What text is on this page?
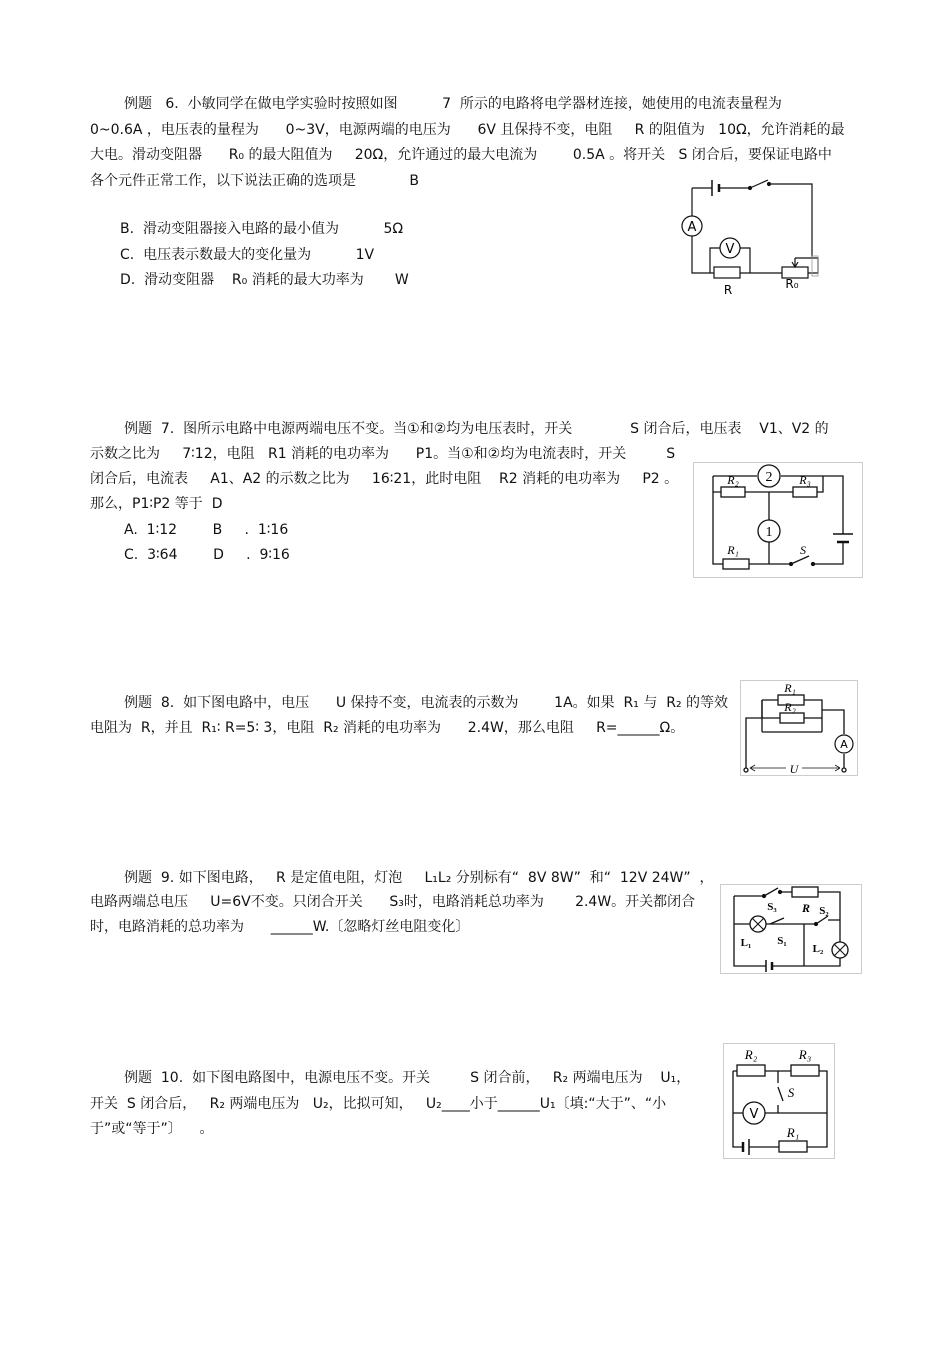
例题   6.  小敏同学在做电学实验时按照如图          7  所示的电路将电学器材连接，她使用的电流表量程为
0~0.6A ，电压表的量程为      0~3V，电源两端的电压为      6V 且保持不变，电阻     R 的阻值为   10Ω，允许消耗的最
大电。滑动变阻器      R₀ 的最大阻值为     20Ω，允许通过的最大电流为        0.5A 。将开关   S 闭合后，要保证电路中
各个元件正常工作，以下说法正确的选项是            B
B.  滑动变阻器接入电路的最小值为          5Ω
C.  电压表示数最大的变化量为          1V
D.  滑动变阻器    R₀ 消耗的最大功率为       W
A
V
R	R₀
例题  7.  图所示电路中电源两端电压不变。当①和②均为电压表时，开关             S 闭合后，电压表    V1、V2 的
示数之比为     7∶12，电阻   R1 消耗的电功率为      P1。当①和②均为电流表时，开关         S
闭合后，电流表     A1、A2 的示数之比为     16∶21，此时电阻    R2 消耗的电功率为     P2 。
那么，P1∶P2 等于  D
A.  1∶12        B     .  1∶16
C.  3∶64        D     .  9∶16
2
1
R₂	R₃
R₁	S
例题  8.  如下图电路中，电压      U 保持不变，电流表的示数为        1A。如果  R₁ 与  R₂ 的等效
电阻为  R，并且  R₁∶ R=5∶ 3，电阻  R₂ 消耗的电功率为      2.4W，那么电阻     R=______Ω。
A
R₁
R₂
U
例题  9. 如下图电路，   R 是定值电阻，灯泡     L₁L₂ 分别标有“  8V 8W”  和“  12V 24W”  ，
电路两端总电压     U=6V不变。只闭合开关      S₃时，电路消耗总功率为       2.4W。开关都闭合
时，电路消耗的总功率为      ______W.〔忽略灯丝电阻变化〕
S₃ R S₂
L₁ S₁
L₂
例题  10.  如下图电路图中，电源电压不变。开关         S 闭合前，   R₂ 两端电压为    U₁，
开关  S 闭合后，   R₂ 两端电压为   U₂，比拟可知，   U₂____小于______U₁〔填:“大于”、“小
于”或“等于”〕    。
V
R₂	R₃
S
R₁
